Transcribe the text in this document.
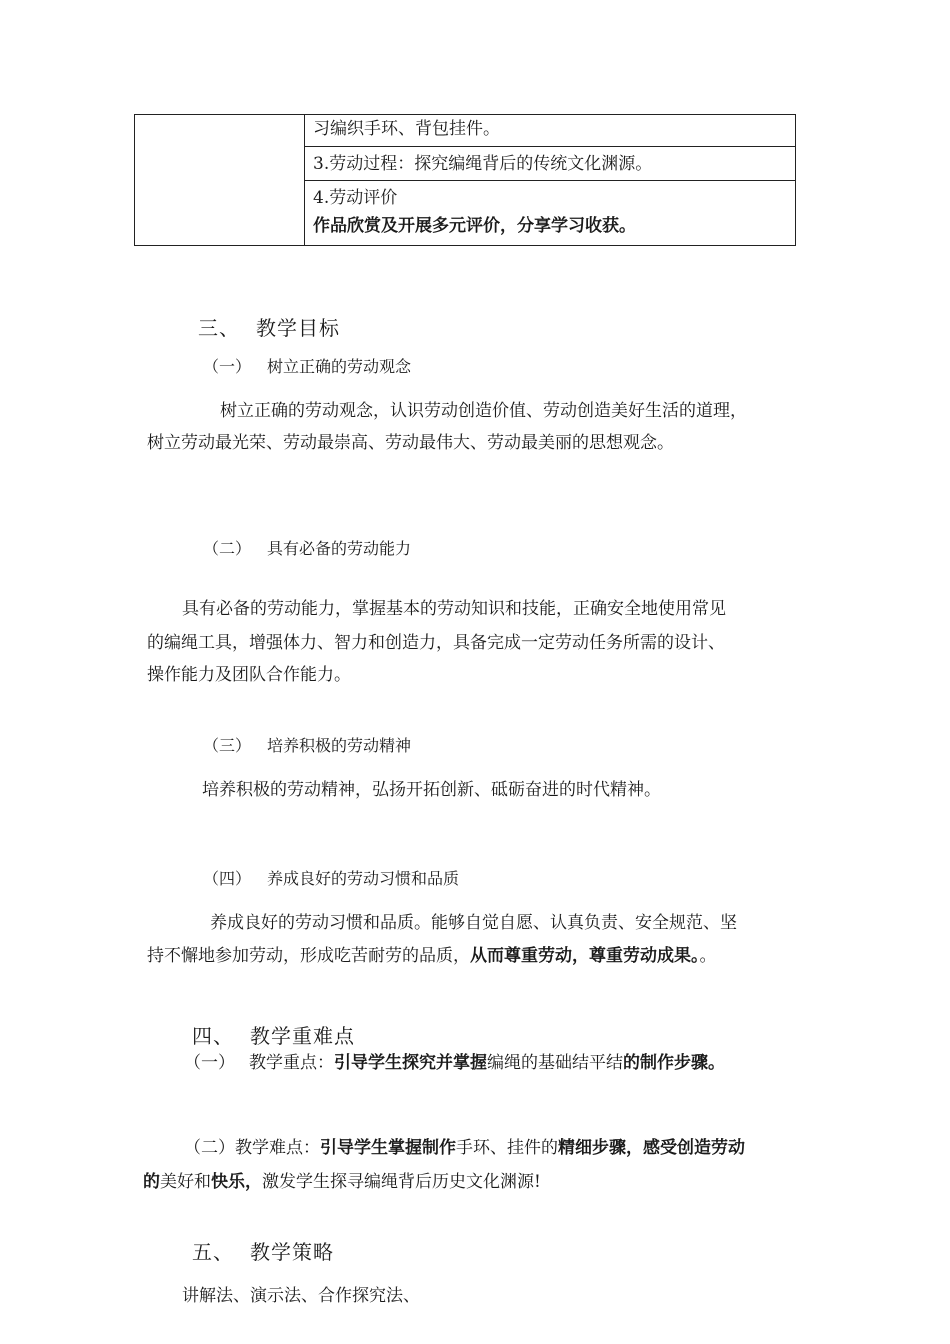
习编织手环、背包挂件。
3.劳动过程：探究编绳背后的传统文化渊源。
4.劳动评价
作品欣赏及开展多元评价，分享学习收获。
三、 教学目标
（一） 树立正确的劳动观念
树立正确的劳动观念，认识劳动创造价值、劳动创造美好生活的道理，
树立劳动最光荣、劳动最崇高、劳动最伟大、劳动最美丽的思想观念。
（二） 具有必备的劳动能力
具有必备的劳动能力，掌握基本的劳动知识和技能，正确安全地使用常见
的编绳工具，增强体力、智力和创造力，具备完成一定劳动任务所需的设计、
操作能力及团队合作能力。
（三） 培养积极的劳动精神
培养积极的劳动精神，弘扬开拓创新、砥砺奋进的时代精神。
（四） 养成良好的劳动习惯和品质
养成良好的劳动习惯和品质。能够自觉自愿、认真负责、安全规范、坚
持不懈地参加劳动，形成吃苦耐劳的品质，从而尊重劳动，尊重劳动成果。。
四、 教学重难点
（一） 教学重点：引导学生探究并掌握编绳的基础结平结的制作步骤。
（二）教学难点：引导学生掌握制作手环、挂件的精细步骤，感受创造劳动
的美好和快乐，激发学生探寻编绳背后历史文化渊源!
五、 教学策略
讲解法、演示法、合作探究法、
